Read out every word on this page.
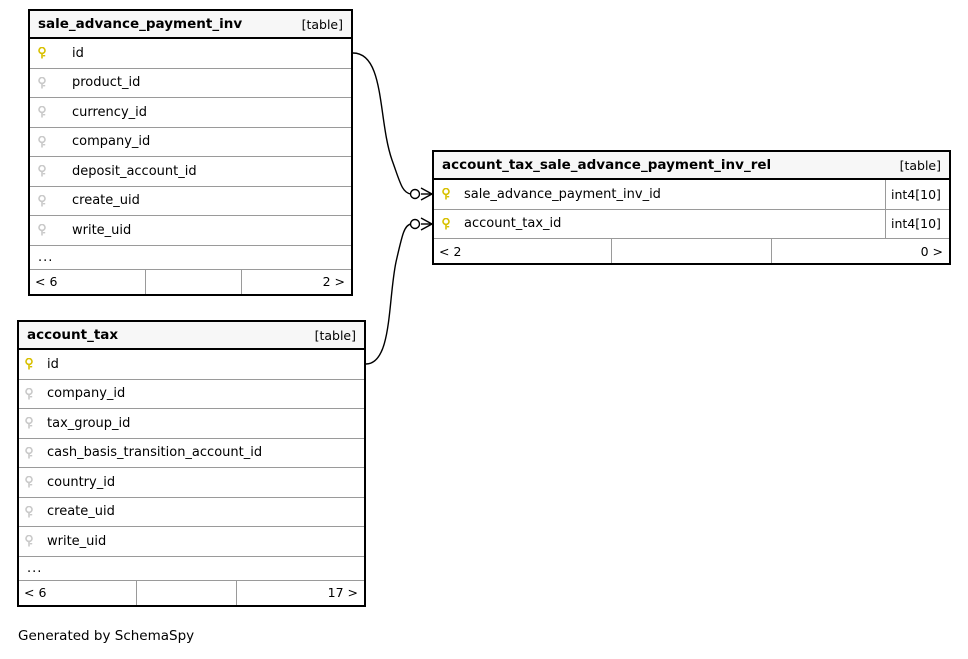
sale_advance_payment_inv	[table]
id
product_id
currency_id
company_id
deposit_account_id
create_uid
write_uid
...
< 6	2 >
account_tax_sale_advance_payment_inv_rel	[table]
sale_advance_payment_inv_id	int4[10]
account_tax_id	int4[10]
< 2	0 >
account_tax	[table]
id
company_id
tax_group_id
cash_basis_transition_account_id
country_id
create_uid
write_uid
...
< 6	17 >
Generated by SchemaSpy
